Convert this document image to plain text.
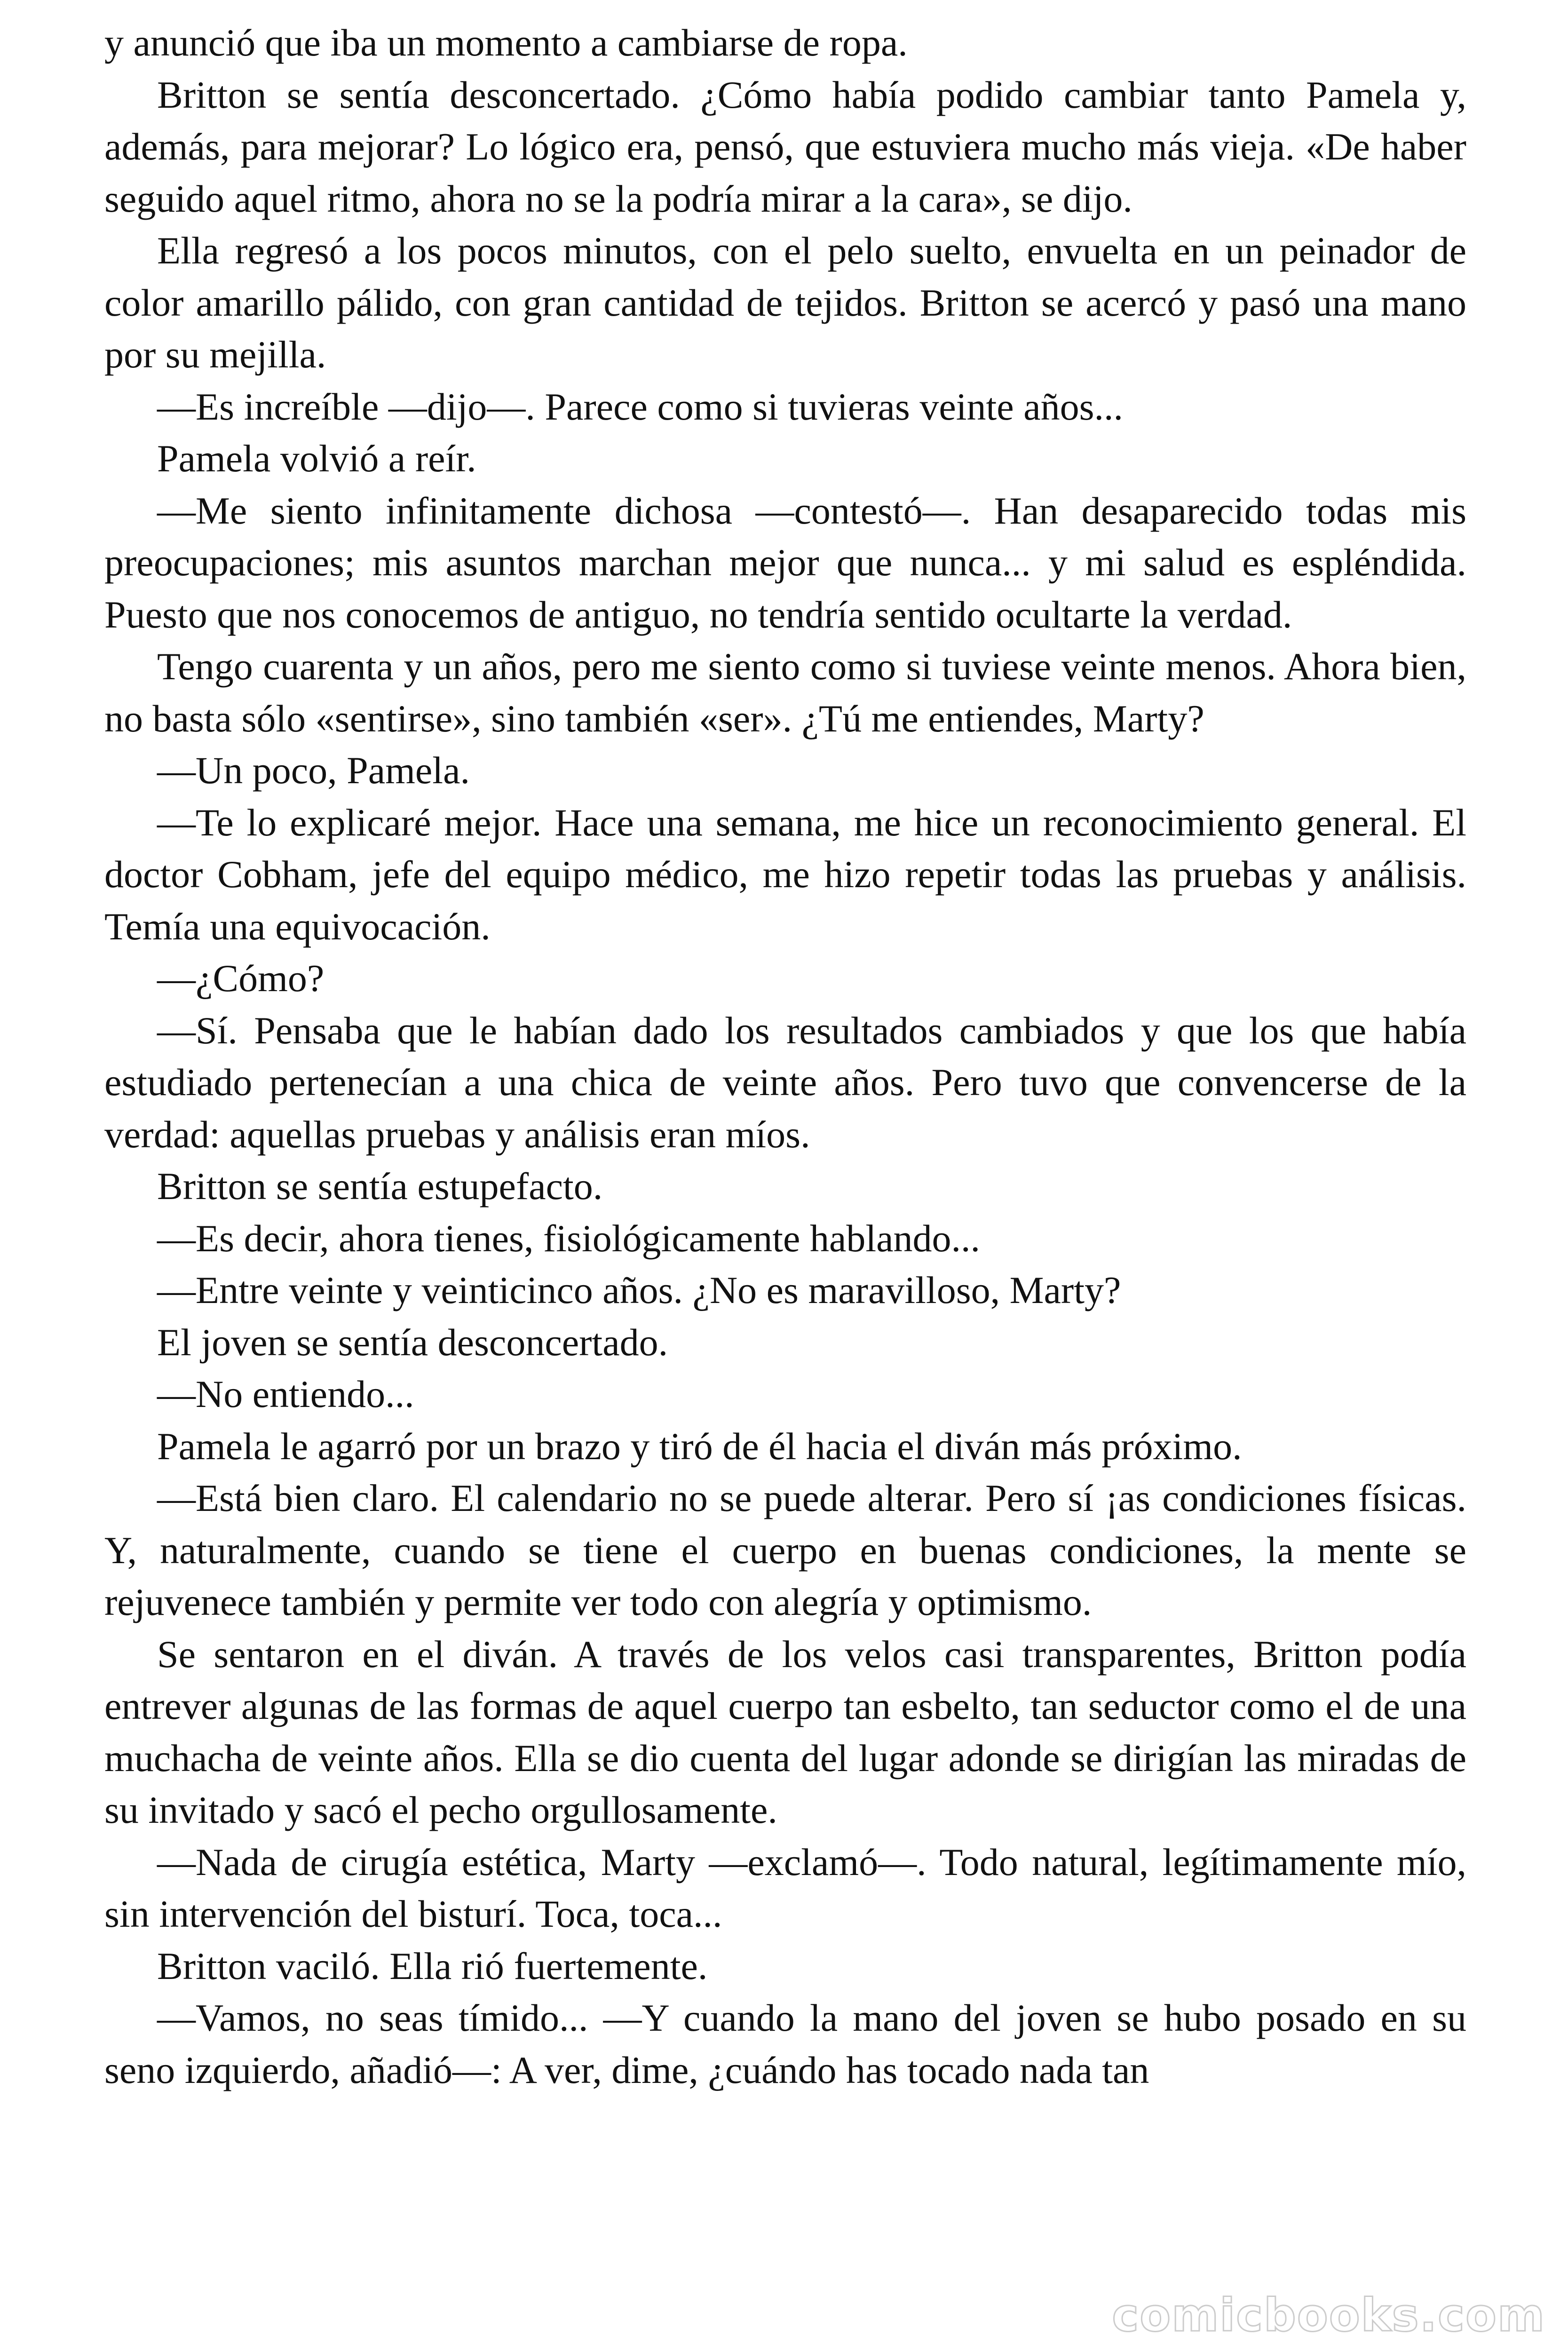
y anunció que iba un momento a cambiarse de ropa.

Britton se sentía desconcertado. ¿Cómo había podido cambiar tanto Pamela y, además, para mejorar? Lo lógico era, pensó, que estuviera mucho más vieja. «De haber seguido aquel ritmo, ahora no se la podría mirar a la cara», se dijo.

Ella regresó a los pocos minutos, con el pelo suelto, envuelta en un peinador de color amarillo pálido, con gran cantidad de tejidos. Britton se acercó y pasó una mano por su mejilla.

—Es increíble —dijo—. Parece como si tuvieras veinte años...

Pamela volvió a reír.

—Me siento infinitamente dichosa —contestó—. Han desaparecido todas mis preocupaciones; mis asuntos marchan mejor que nunca... y mi salud es espléndida. Puesto que nos conocemos de antiguo, no tendría sentido ocultarte la verdad.

Tengo cuarenta y un años, pero me siento como si tuviese veinte menos. Ahora bien, no basta sólo «sentirse», sino también «ser». ¿Tú me entiendes, Marty?

—Un poco, Pamela.

—Te lo explicaré mejor. Hace una semana, me hice un reconocimiento general. El doctor Cobham, jefe del equipo médico, me hizo repetir todas las pruebas y análisis. Temía una equivocación.

—¿Cómo?

—Sí. Pensaba que le habían dado los resultados cambiados y que los que había estudiado pertenecían a una chica de veinte años. Pero tuvo que convencerse de la verdad: aquellas pruebas y análisis eran míos.

Britton se sentía estupefacto.

—Es decir, ahora tienes, fisiológicamente hablando...

—Entre veinte y veinticinco años. ¿No es maravilloso, Marty?

El joven se sentía desconcertado.

—No entiendo...

Pamela le agarró por un brazo y tiró de él hacia el diván más próximo.

—Está bien claro. El calendario no se puede alterar. Pero sí ¡as condiciones físicas. Y, naturalmente, cuando se tiene el cuerpo en buenas condiciones, la mente se rejuvenece también y permite ver todo con alegría y optimismo.

Se sentaron en el diván. A través de los velos casi transparentes, Britton podía entrever algunas de las formas de aquel cuerpo tan esbelto, tan seductor como el de una muchacha de veinte años. Ella se dio cuenta del lugar adonde se dirigían las miradas de su invitado y sacó el pecho orgullosamente.

—Nada de cirugía estética, Marty —exclamó—. Todo natural, legítimamente mío, sin intervención del bisturí. Toca, toca...

Britton vaciló. Ella rió fuertemente.

—Vamos, no seas tímido... —Y cuando la mano del joven se hubo posado en su seno izquierdo, añadió—: A ver, dime, ¿cuándo has tocado nada tan

comicbooks.com
